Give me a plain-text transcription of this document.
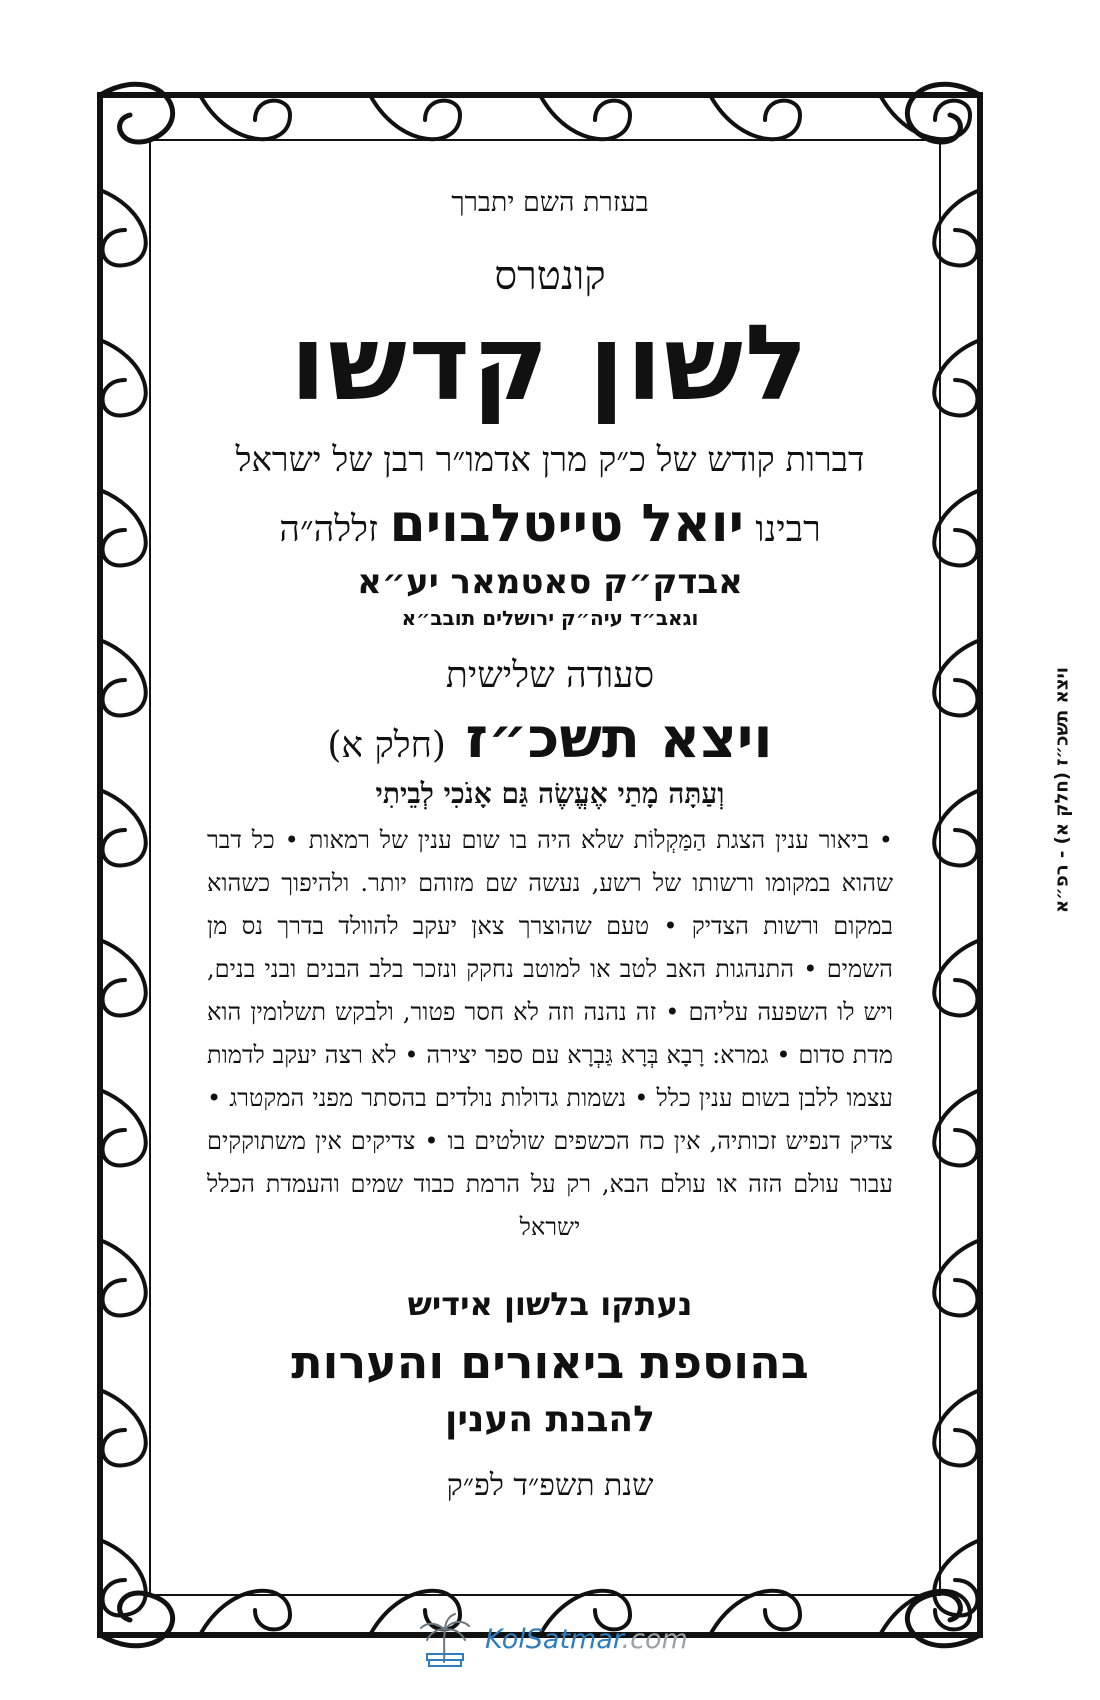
בעזרת השם יתברך

קונטרס

לשון קדשו

דברות קודש של כ״ק מרן אדמו״ר רבן של ישראל

רבינו יואל טייטלבוים זללה״ה

אבדק״ק סאטמאר יע״א

וגאב״ד עיה״ק ירושלים תובב״א

סעודה שלישית

ויצא תשכ״ז (חלק א)

וְעַתָּה מָתַי אֶעֱשֶׂה גַּם אָנֹכִי לְבֵיתִי

• ביאור ענין הצגת הַמַּקְלוֹת שלא היה בו שום ענין של רמאות • כל דבר שהוא במקומו ורשותו של רשע, נעשה שם מזוהם יותר. ולהיפוך כשהוא במקום ורשות הצדיק • טעם שהוצרך צאן יעקב להוולד בדרך נס מן השמים • התנהגות האב לטב או למוטב נחקק ונזכר בלב הבנים ובני בנים, ויש לו השפעה עליהם • זה נהנה וזה לא חסר פטור, ולבקש תשלומין הוא מדת סדום • גמרא: רָבָא בְּרָא גַּבְרָא עם ספר יצירה • לא רצה יעקב לדמות עצמו ללבן בשום ענין כלל • נשמות גדולות נולדים בהסתר מפני המקטרג • צדיק דנפיש זכותיה, אין כח הכשפים שולטים בו • צדיקים אין משתוקקים עבור עולם הזה או עולם הבא, רק על הרמת כבוד שמים והעמדת הכלל ישראל

נעתקו בלשון אידיש

בהוספת ביאורים והערות

להבנת הענין

שנת תשפ״ד לפ״ק

ויצא תשכ״ז (חלק א) - רפ״א
KolSatmar.com
